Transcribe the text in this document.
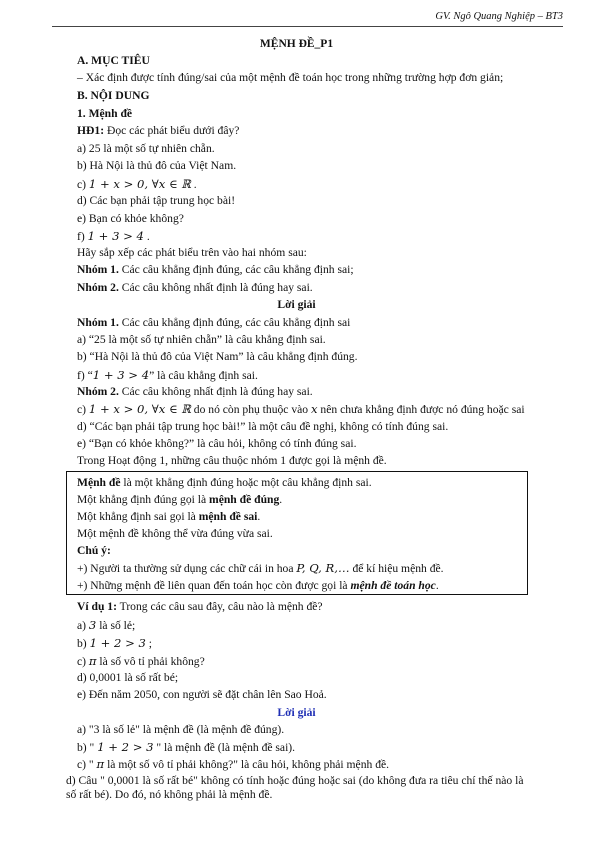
GV. Ngô Quang Nghiệp – BT3
MỆNH ĐỀ_P1
A. MỤC TIÊU
– Xác định được tính đúng/sai của một mệnh đề toán học trong những trường hợp đơn giản;
B. NỘI DUNG
1. Mệnh đề
HĐ1: Đọc các phát biểu dưới đây?
a) 25 là một số tự nhiên chẵn.
b) Hà Nội là thủ đô của Việt Nam.
c) 1 + x > 0, ∀x ∈ ℝ .
d) Các bạn phải tập trung học bài!
e) Bạn có khỏe không?
f) 1 + 3 > 4 .
Hãy sắp xếp các phát biểu trên vào hai nhóm sau:
Nhóm 1. Các câu khẳng định đúng, các câu khẳng định sai;
Nhóm 2. Các câu không nhất định là đúng hay sai.
Lời giải
Nhóm 1. Các câu khẳng định đúng, các câu khẳng định sai
a) “25 là một số tự nhiên chẵn” là câu khẳng định sai.
b) “Hà Nội là thủ đô của Việt Nam” là câu khẳng định đúng.
f) “1 + 3 > 4” là câu khẳng định sai.
Nhóm 2. Các câu không nhất định là đúng hay sai.
c) 1 + x > 0, ∀x ∈ ℝ do nó còn phụ thuộc vào x nên chưa khẳng định được nó đúng hoặc sai
d) “Các bạn phải tập trung học bài!” là một câu đề nghị, không có tính đúng sai.
e) “Bạn có khỏe không?” là câu hỏi, không có tính đúng sai.
Trong Hoạt động 1, những câu thuộc nhóm 1 được gọi là mệnh đề.
Mệnh đề là một khẳng định đúng hoặc một câu khẳng định sai.
Một khẳng định đúng gọi là mệnh đề đúng.
Một khẳng định sai gọi là mệnh đề sai.
Một mệnh đề không thể vừa đúng vừa sai.
Chú ý:
+) Người ta thường sử dụng các chữ cái in hoa P, Q, R,… để kí hiệu mệnh đề.
+) Những mệnh đề liên quan đến toán học còn được gọi là mệnh đề toán học.
Ví dụ 1: Trong các câu sau đây, câu nào là mệnh đề?
a) 3 là số lẻ;
b) 1 + 2 > 3 ;
c) π là số vô tỉ phải không?
d) 0,0001 là số rất bé;
e) Đến năm 2050, con người sẽ đặt chân lên Sao Hoả.
Lời giải
a) "3 là số lẻ" là mệnh đề (là mệnh đề đúng).
b) " 1 + 2 > 3 " là mệnh đề (là mệnh đề sai).
c) " π là một số vô tỉ phải không?" là câu hỏi, không phải mệnh đề.
d) Câu " 0,0001 là số rất bé" không có tính hoặc đúng hoặc sai (do không đưa ra tiêu chí thế nào là số rất bé). Do đó, nó không phải là mệnh đề.
